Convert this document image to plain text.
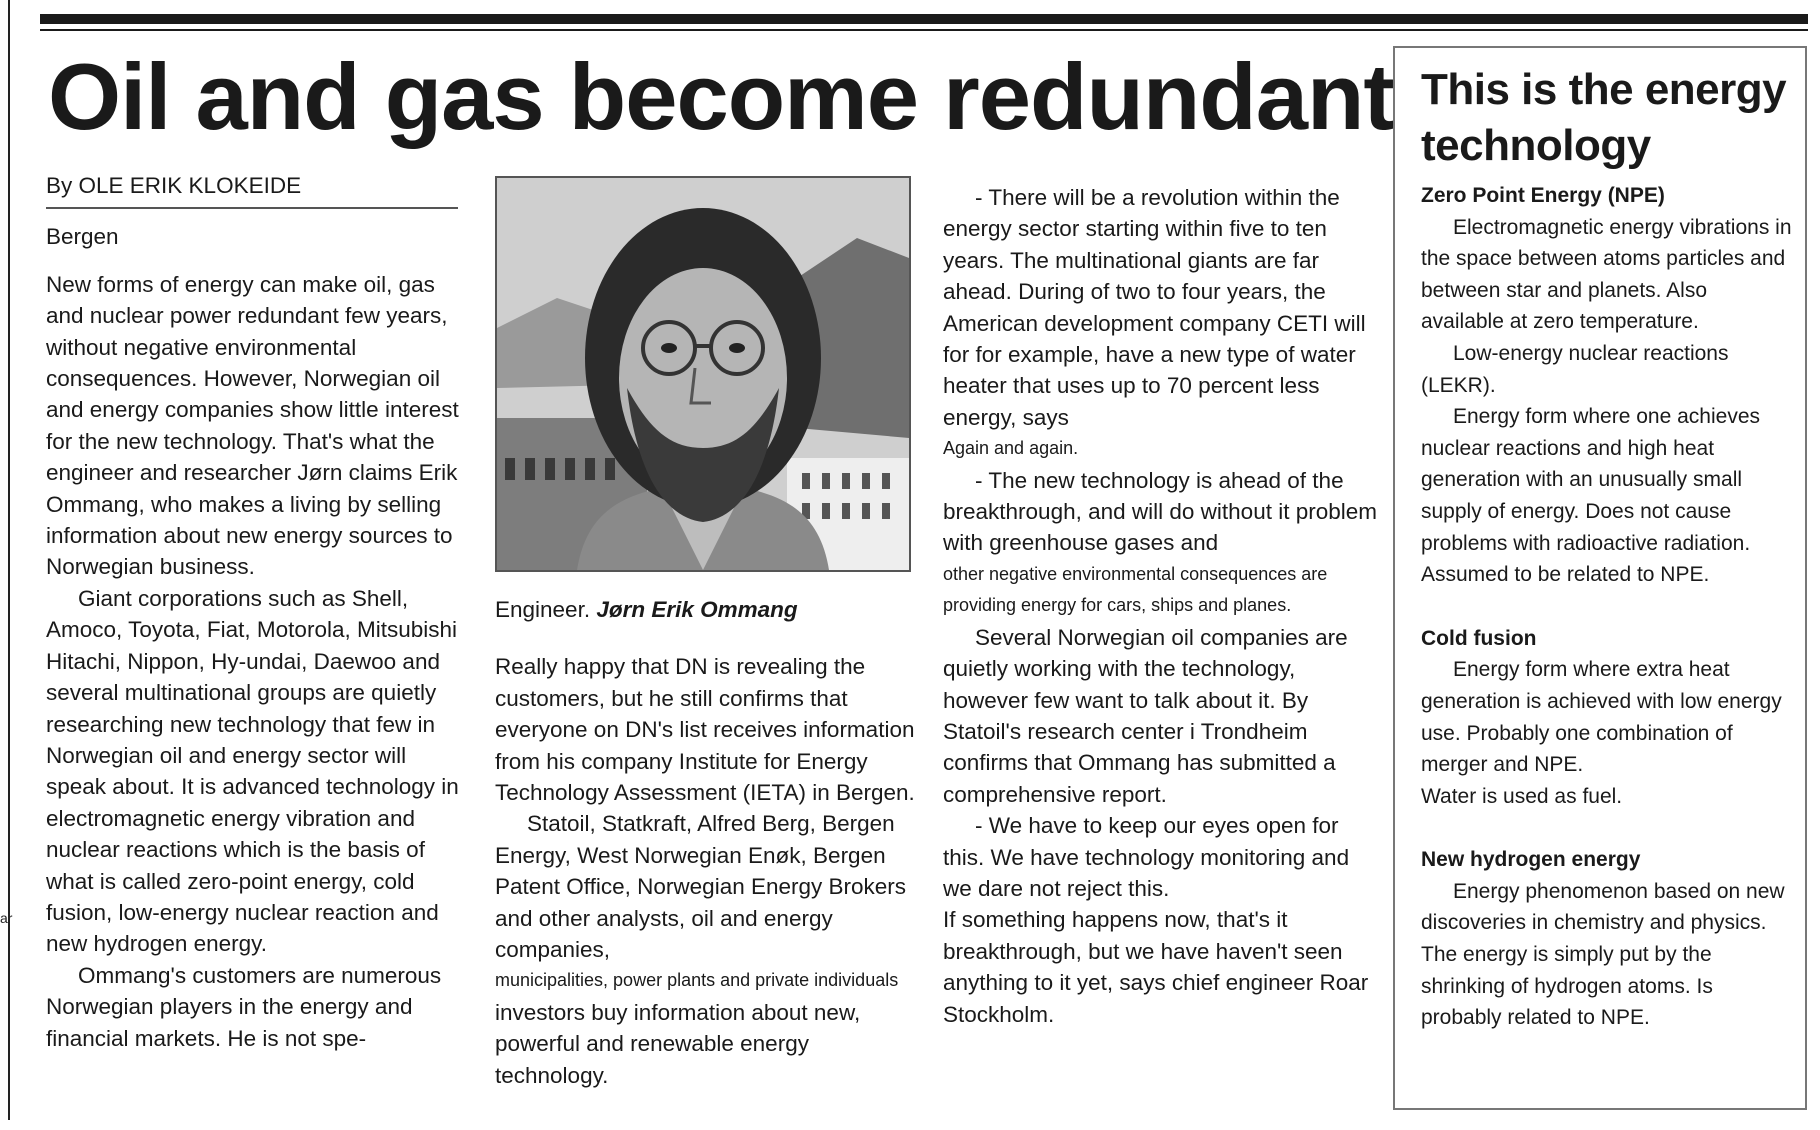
ar
Oil and gas become redundant

By OLE ERIK KLOKEIDE

Bergen

New forms of energy can make oil, gas and nuclear power redundant few years, without negative environmental consequences. However, Norwegian oil and energy companies show little interest for the new technology. That's what the engineer and researcher Jørn claims Erik Ommang, who makes a living by selling information about new energy sources to Norwegian business.

Giant corporations such as Shell, Amoco, Toyota, Fiat, Motorola, Mitsubishi Hitachi, Nippon, Hy-undai, Daewoo and several multinational groups are quietly researching new technology that few in Norwegian oil and energy sector will speak about. It is advanced technology in electromagnetic energy vibration and nuclear reactions which is the basis of what is called zero-point energy, cold fusion, low-energy nuclear reaction and new hydrogen energy.

Ommang's customers are numerous Norwegian players in the energy and financial markets. He is not spe-

Engineer. Jørn Erik Ommang

Really happy that DN is revealing the customers, but he still confirms that everyone on DN's list receives information from his company Institute for Energy Technology Assessment (IETA) in Bergen.

Statoil, Statkraft, Alfred Berg, Bergen Energy, West Norwegian Enøk, Bergen Patent Office, Norwegian Energy Brokers and other analysts, oil and energy companies,

municipalities, power plants and private individuals

investors buy information about new, powerful and renewable energy technology.

- There will be a revolution within the energy sector starting within five to ten years. The multinational giants are far ahead. During of two to four years, the American development company CETI will for for example, have a new type of water heater that uses up to 70 percent less energy, says

Again and again.

- The new technology is ahead of the breakthrough, and will do without it problem with greenhouse gases and

other negative environmental consequences are providing energy for cars, ships and planes.

Several Norwegian oil companies are quietly working with the technology, however few want to talk about it. By Statoil's research center i Trondheim confirms that Ommang has submitted a comprehensive report.

- We have to keep our eyes open for this. We have technology monitoring and we dare not reject this.

If something happens now, that's it breakthrough, but we have haven't seen anything to it yet, says chief engineer Roar Stockholm.

This is the energy technology
Zero Point Energy (NPE)

Electromagnetic energy vibrations in the space between atoms particles and between star and planets. Also available at zero temperature.

Low-energy nuclear reactions (LEKR).

Energy form where one achieves nuclear reactions and high heat generation with an unusually small supply of energy. Does not cause problems with radioactive radiation.

Assumed to be related to NPE.

Cold fusion

Energy form where extra heat generation is achieved with low energy use. Probably one combination of merger and NPE.

Water is used as fuel.

New hydrogen energy

Energy phenomenon based on new discoveries in chemistry and physics. The energy is simply put by the shrinking of hydrogen atoms. Is probably related to NPE.
